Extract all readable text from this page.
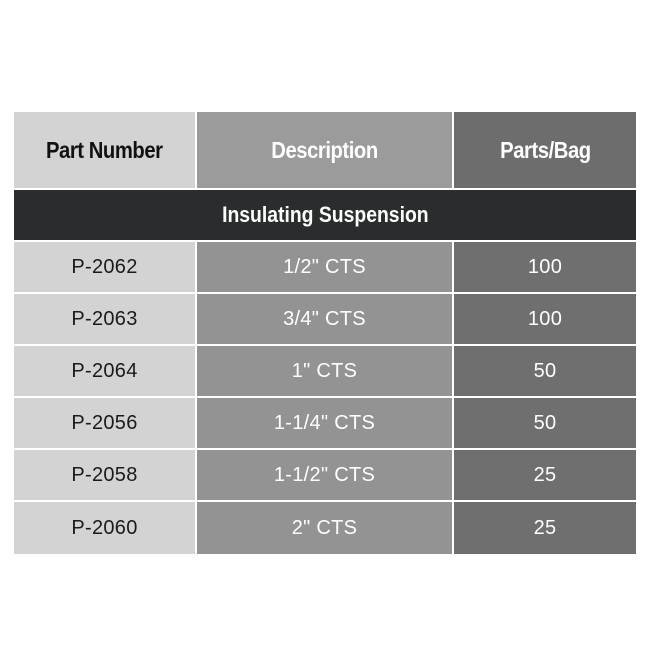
Part Number	Description	Parts/Bag
Insulating Suspension		
P-2062	1/2" CTS	100
P-2063	3/4" CTS	100
P-2064	1" CTS	50
P-2056	1-1/4" CTS	50
P-2058	1-1/2" CTS	25
P-2060	2" CTS	25
